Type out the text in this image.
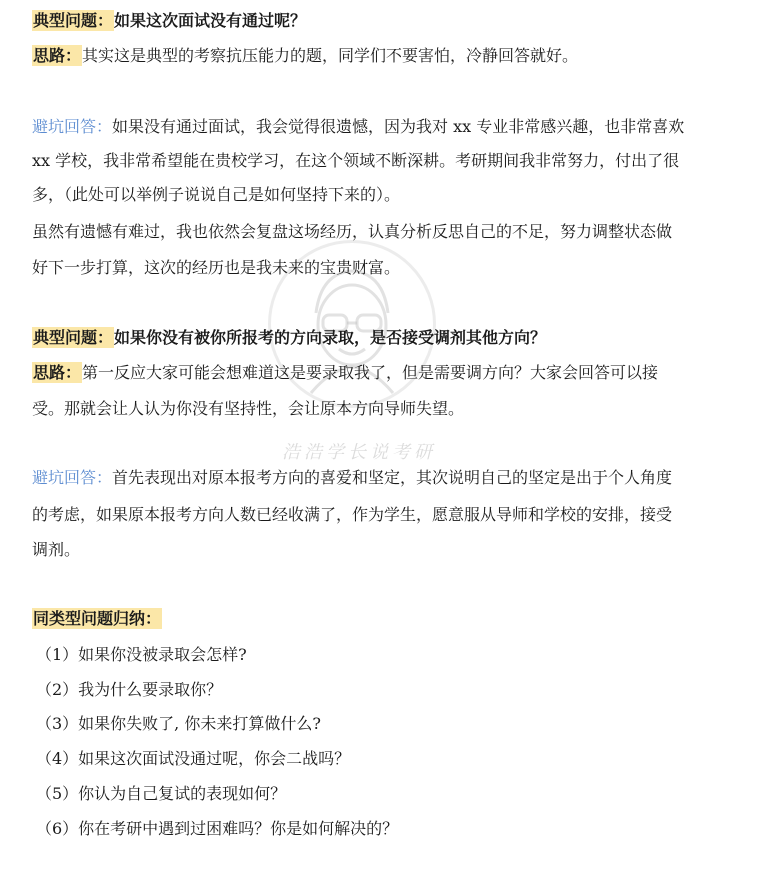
浩浩学长说考研
典型问题：如果这次面试没有通过呢？
思路：其实这是典型的考察抗压能力的题，同学们不要害怕，冷静回答就好。
避坑回答：如果没有通过面试，我会觉得很遗憾，因为我对 xx 专业非常感兴趣，也非常喜欢
xx 学校，我非常希望能在贵校学习，在这个领域不断深耕。考研期间我非常努力，付出了很
多，（此处可以举例子说说自己是如何坚持下来的）。
虽然有遗憾有难过，我也依然会复盘这场经历，认真分析反思自己的不足，努力调整状态做
好下一步打算，这次的经历也是我未来的宝贵财富。
典型问题：如果你没有被你所报考的方向录取，是否接受调剂其他方向？
思路：第一反应大家可能会想难道这是要录取我了，但是需要调方向？大家会回答可以接
受。那就会让人认为你没有坚持性，会让原本方向导师失望。
避坑回答：首先表现出对原本报考方向的喜爱和坚定，其次说明自己的坚定是出于个人角度
的考虑，如果原本报考方向人数已经收满了，作为学生，愿意服从导师和学校的安排，接受
调剂。
同类型问题归纳：
（1）如果你没被录取会怎样?
（2）我为什么要录取你？
（3）如果你失败了, 你未来打算做什么?
（4）如果这次面试没通过呢，你会二战吗？
（5）你认为自己复试的表现如何？
（6）你在考研中遇到过困难吗？你是如何解决的？
